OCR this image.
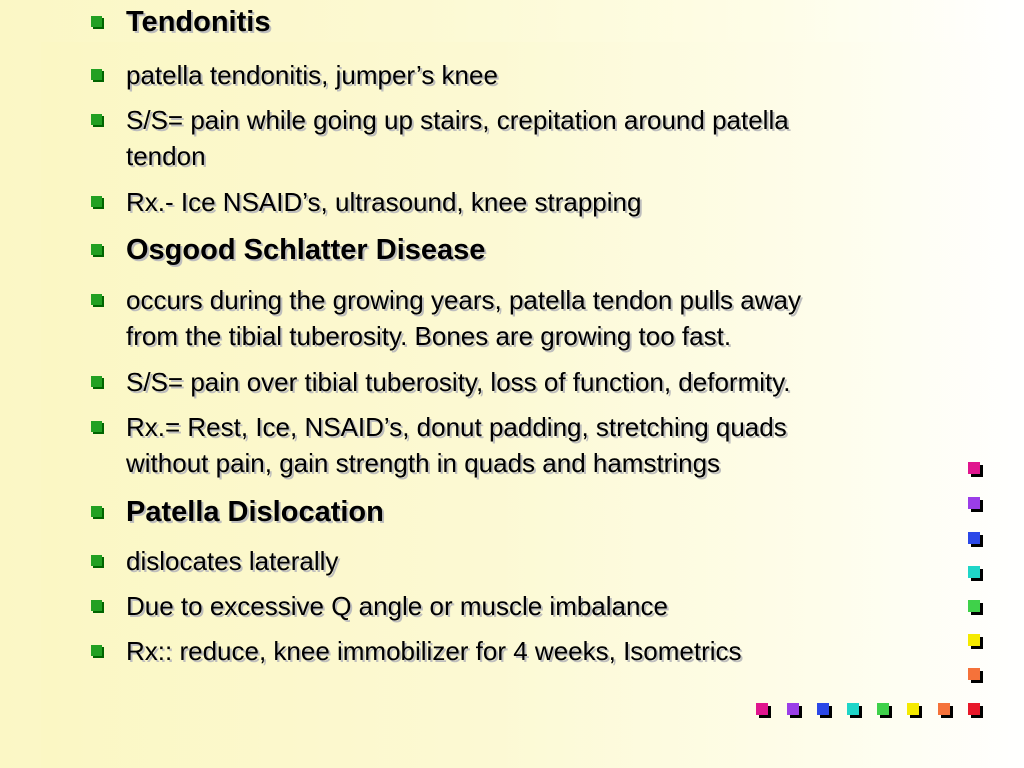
Tendonitis
patella tendonitis, jumper’s knee
S/S= pain while going up stairs, crepitation around patella
tendon
Rx.- Ice NSAID’s, ultrasound, knee strapping
Osgood Schlatter Disease
occurs during the growing years, patella tendon pulls away
from the tibial tuberosity. Bones are growing too fast.
S/S= pain over tibial tuberosity, loss of function, deformity.
Rx.= Rest, Ice, NSAID’s, donut padding, stretching quads
without pain, gain strength in quads and hamstrings
Patella Dislocation
dislocates laterally
Due to excessive Q angle or muscle imbalance
Rx:: reduce, knee immobilizer for 4 weeks, Isometrics
